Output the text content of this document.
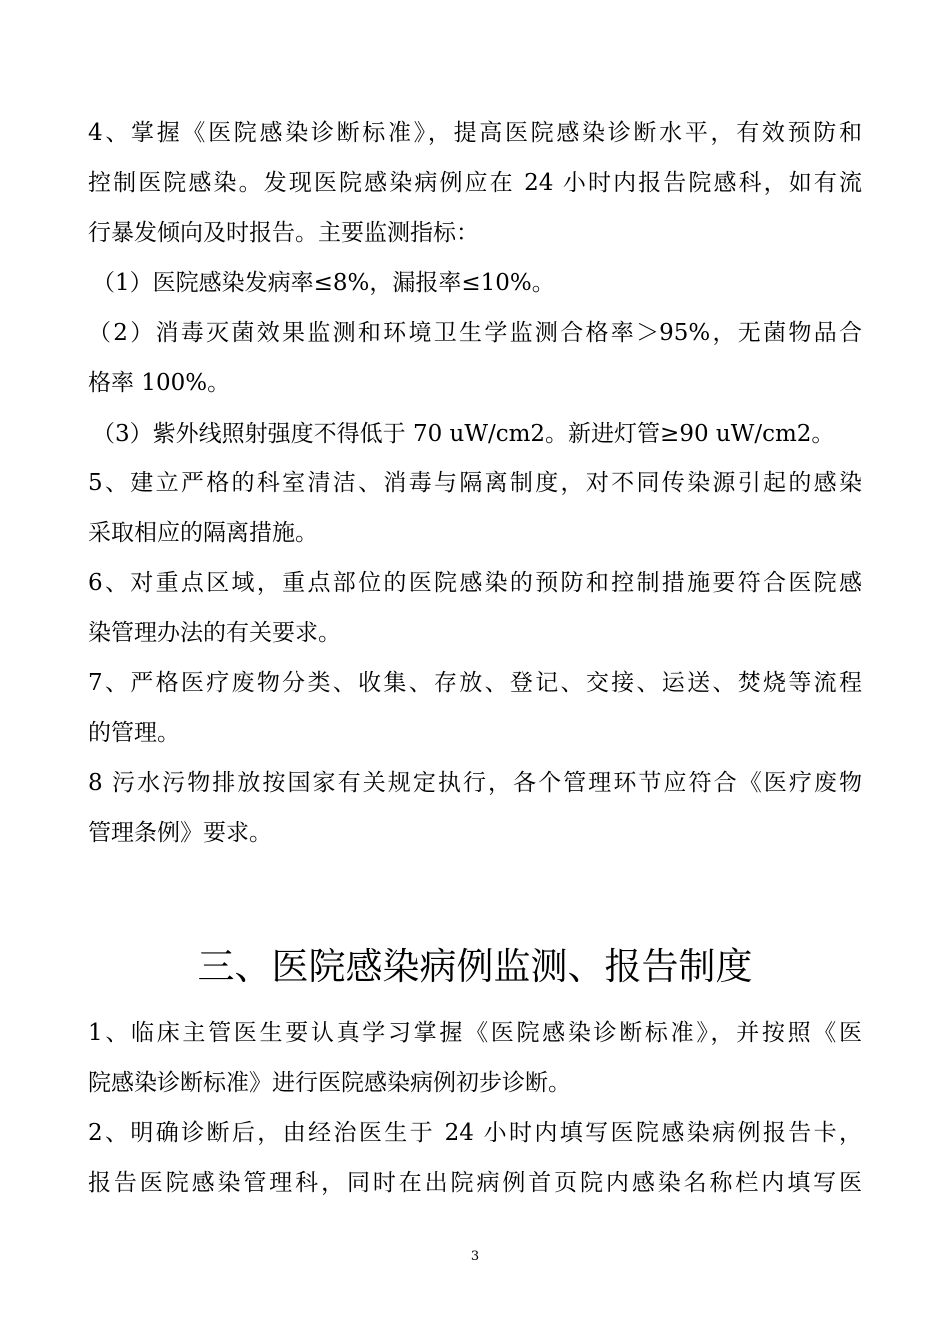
4、掌握《医院感染诊断标准》，提高医院感染诊断水平，有效预防和
控制医院感染。发现医院感染病例应在 24 小时内报告院感科，如有流
行暴发倾向及时报告。主要监测指标：
（1）医院感染发病率≤8%，漏报率≤10%。
（2）消毒灭菌效果监测和环境卫生学监测合格率＞95%，无菌物品合
格率 100%。
（3）紫外线照射强度不得低于 70 uW/cm2。新进灯管≥90 uW/cm2。
5、建立严格的科室清洁、消毒与隔离制度，对不同传染源引起的感染
采取相应的隔离措施。
6、对重点区域，重点部位的医院感染的预防和控制措施要符合医院感
染管理办法的有关要求。
7、严格医疗废物分类、收集、存放、登记、交接、运送、焚烧等流程
的管理。
8 污水污物排放按国家有关规定执行，各个管理环节应符合《医疗废物
管理条例》要求。
三、医院感染病例监测、报告制度
1、临床主管医生要认真学习掌握《医院感染诊断标准》，并按照《医
院感染诊断标准》进行医院感染病例初步诊断。
2、明确诊断后，由经治医生于 24 小时内填写医院感染病例报告卡，
报告医院感染管理科，同时在出院病例首页院内感染名称栏内填写医
3
